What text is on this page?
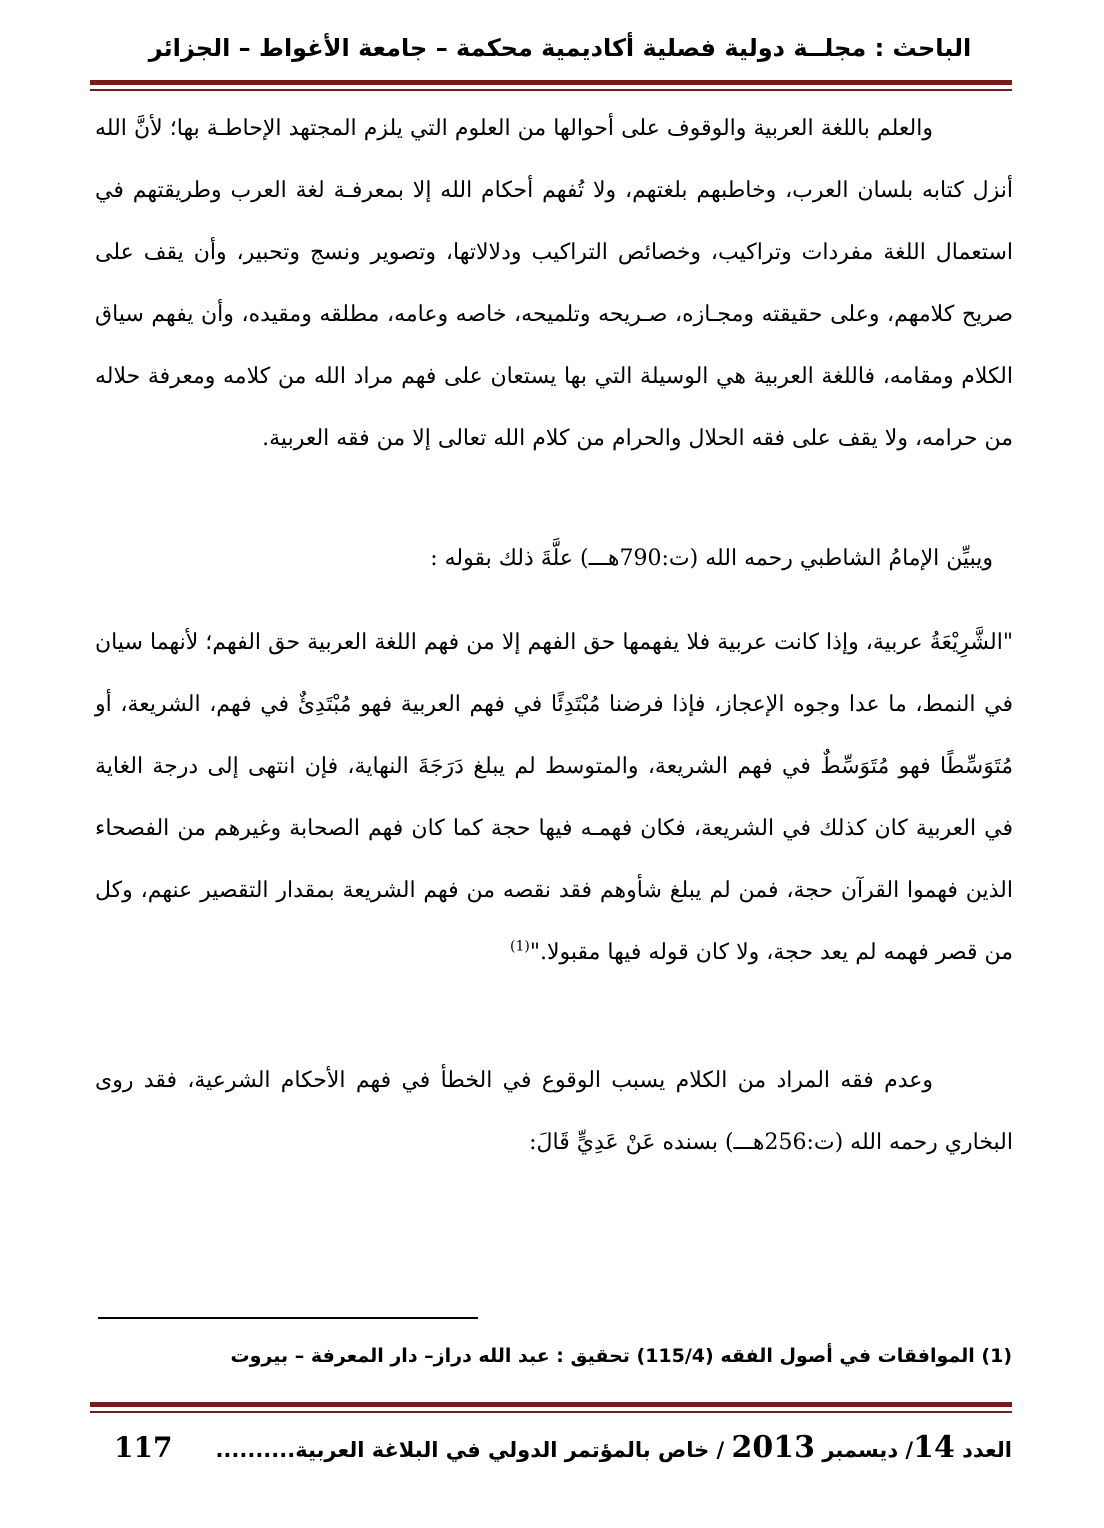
الباحث : مجلــة دولية فصلية أكاديمية محكمة – جامعة الأغواط – الجزائر

والعلم باللغة العربية والوقوف على أحوالها من العلوم التي يلزم المجتهد الإحاطـة بها؛ لأنَّ الله أنزل كتابه بلسان العرب، وخاطبهم بلغتهم، ولا تُفهم أحكام الله إلا بمعرفـة لغة العرب وطريقتهم في استعمال اللغة مفردات وتراكيب، وخصائص التراكيب ودلالاتها، وتصوير ونسج وتحبير، وأن يقف على صريح كلامهم، وعلى حقيقته ومجـازه، صـريحه وتلميحه، خاصه وعامه، مطلقه ومقيده، وأن يفهم سياق الكلام ومقامه، فاللغة العربية هي الوسيلة التي بها يستعان على فهم مراد الله من كلامه ومعرفة حلاله من حرامه، ولا يقف على فقه الحلال والحرام من كلام الله تعالى إلا من فقه العربية.

ويبيِّن الإمامُ الشاطبي رحمه الله (ت:790هـــ) علَّةَ ذلك بقوله :

"الشَّرِيْعَةُ عربية، وإذا كانت عربية فلا يفهمها حق الفهم إلا من فهم اللغة العربية حق الفهم؛ لأنهما سيان في النمط، ما عدا وجوه الإعجاز، فإذا فرضنا مُبْتَدِئًا في فهم العربية فهو مُبْتَدِئٌ في فهم، الشريعة، أو مُتَوَسِّطًا فهو مُتَوَسِّطٌ في فهم الشريعة، والمتوسط لم يبلغ دَرَجَةَ النهاية، فإن انتهى إلى درجة الغاية في العربية كان كذلك في الشريعة، فكان فهمـه فيها حجة كما كان فهم الصحابة وغيرهم من الفصحاء الذين فهموا القرآن حجة، فمن لم يبلغ شأوهم فقد نقصه من فهم الشريعة بمقدار التقصير عنهم، وكل من قصر فهمه لم يعد حجة، ولا كان قوله فيها مقبولا."$^{(1)}$

وعدم فقه المراد من الكلام يسبب الوقوع في الخطأ في فهم الأحكام الشرعية، فقد روى البخاري رحمه الله (ت:256هـــ) بسنده عَنْ عَدِيٍّ قَالَ:

(1) الموافقات في أصول الفقه (115/4) تحقيق : عبد الله دراز– دار المعرفة – بيروت
العدد 14/ ديسمبر 2013 / خاص بالمؤتمر الدولي في البلاغة العربية..........
117
